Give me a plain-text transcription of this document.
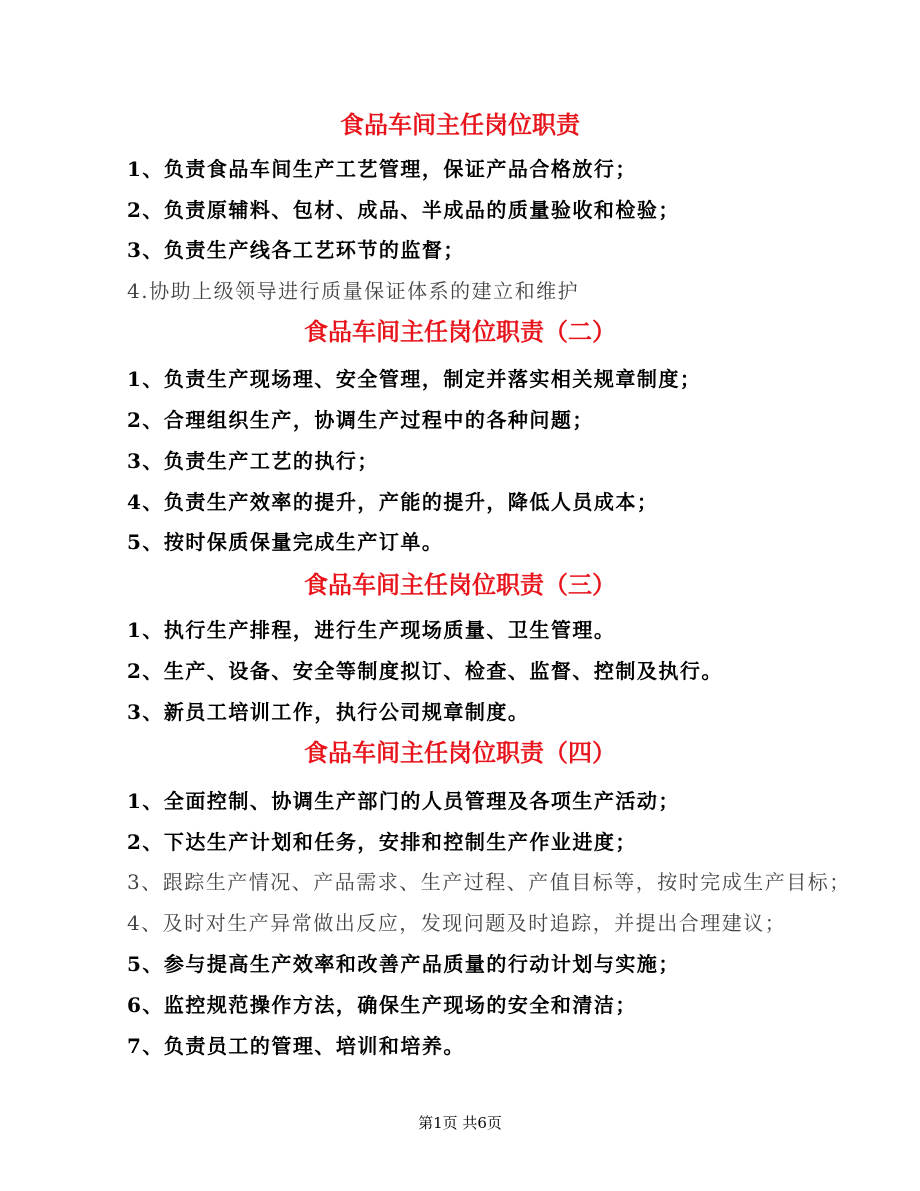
食品车间主任岗位职责

1、负责食品车间生产工艺管理，保证产品合格放行；

2、负责原辅料、包材、成品、半成品的质量验收和检验；

3、负责生产线各工艺环节的监督；

4.协助上级领导进行质量保证体系的建立和维护

食品车间主任岗位职责（二）

1、负责生产现场理、安全管理，制定并落实相关规章制度；

2、合理组织生产，协调生产过程中的各种问题；

3、负责生产工艺的执行；

4、负责生产效率的提升，产能的提升，降低人员成本；

5、按时保质保量完成生产订单。

食品车间主任岗位职责（三）

1、执行生产排程，进行生产现场质量、卫生管理。

2、生产、设备、安全等制度拟订、检查、监督、控制及执行。

3、新员工培训工作，执行公司规章制度。

食品车间主任岗位职责（四）

1、全面控制、协调生产部门的人员管理及各项生产活动；

2、下达生产计划和任务，安排和控制生产作业进度；

3、跟踪生产情况、产品需求、生产过程、产值目标等，按时完成生产目标；

4、及时对生产异常做出反应，发现问题及时追踪，并提出合理建议；

5、参与提高生产效率和改善产品质量的行动计划与实施；

6、监控规范操作方法，确保生产现场的安全和清洁；

7、负责员工的管理、培训和培养。

第1页 共6页
